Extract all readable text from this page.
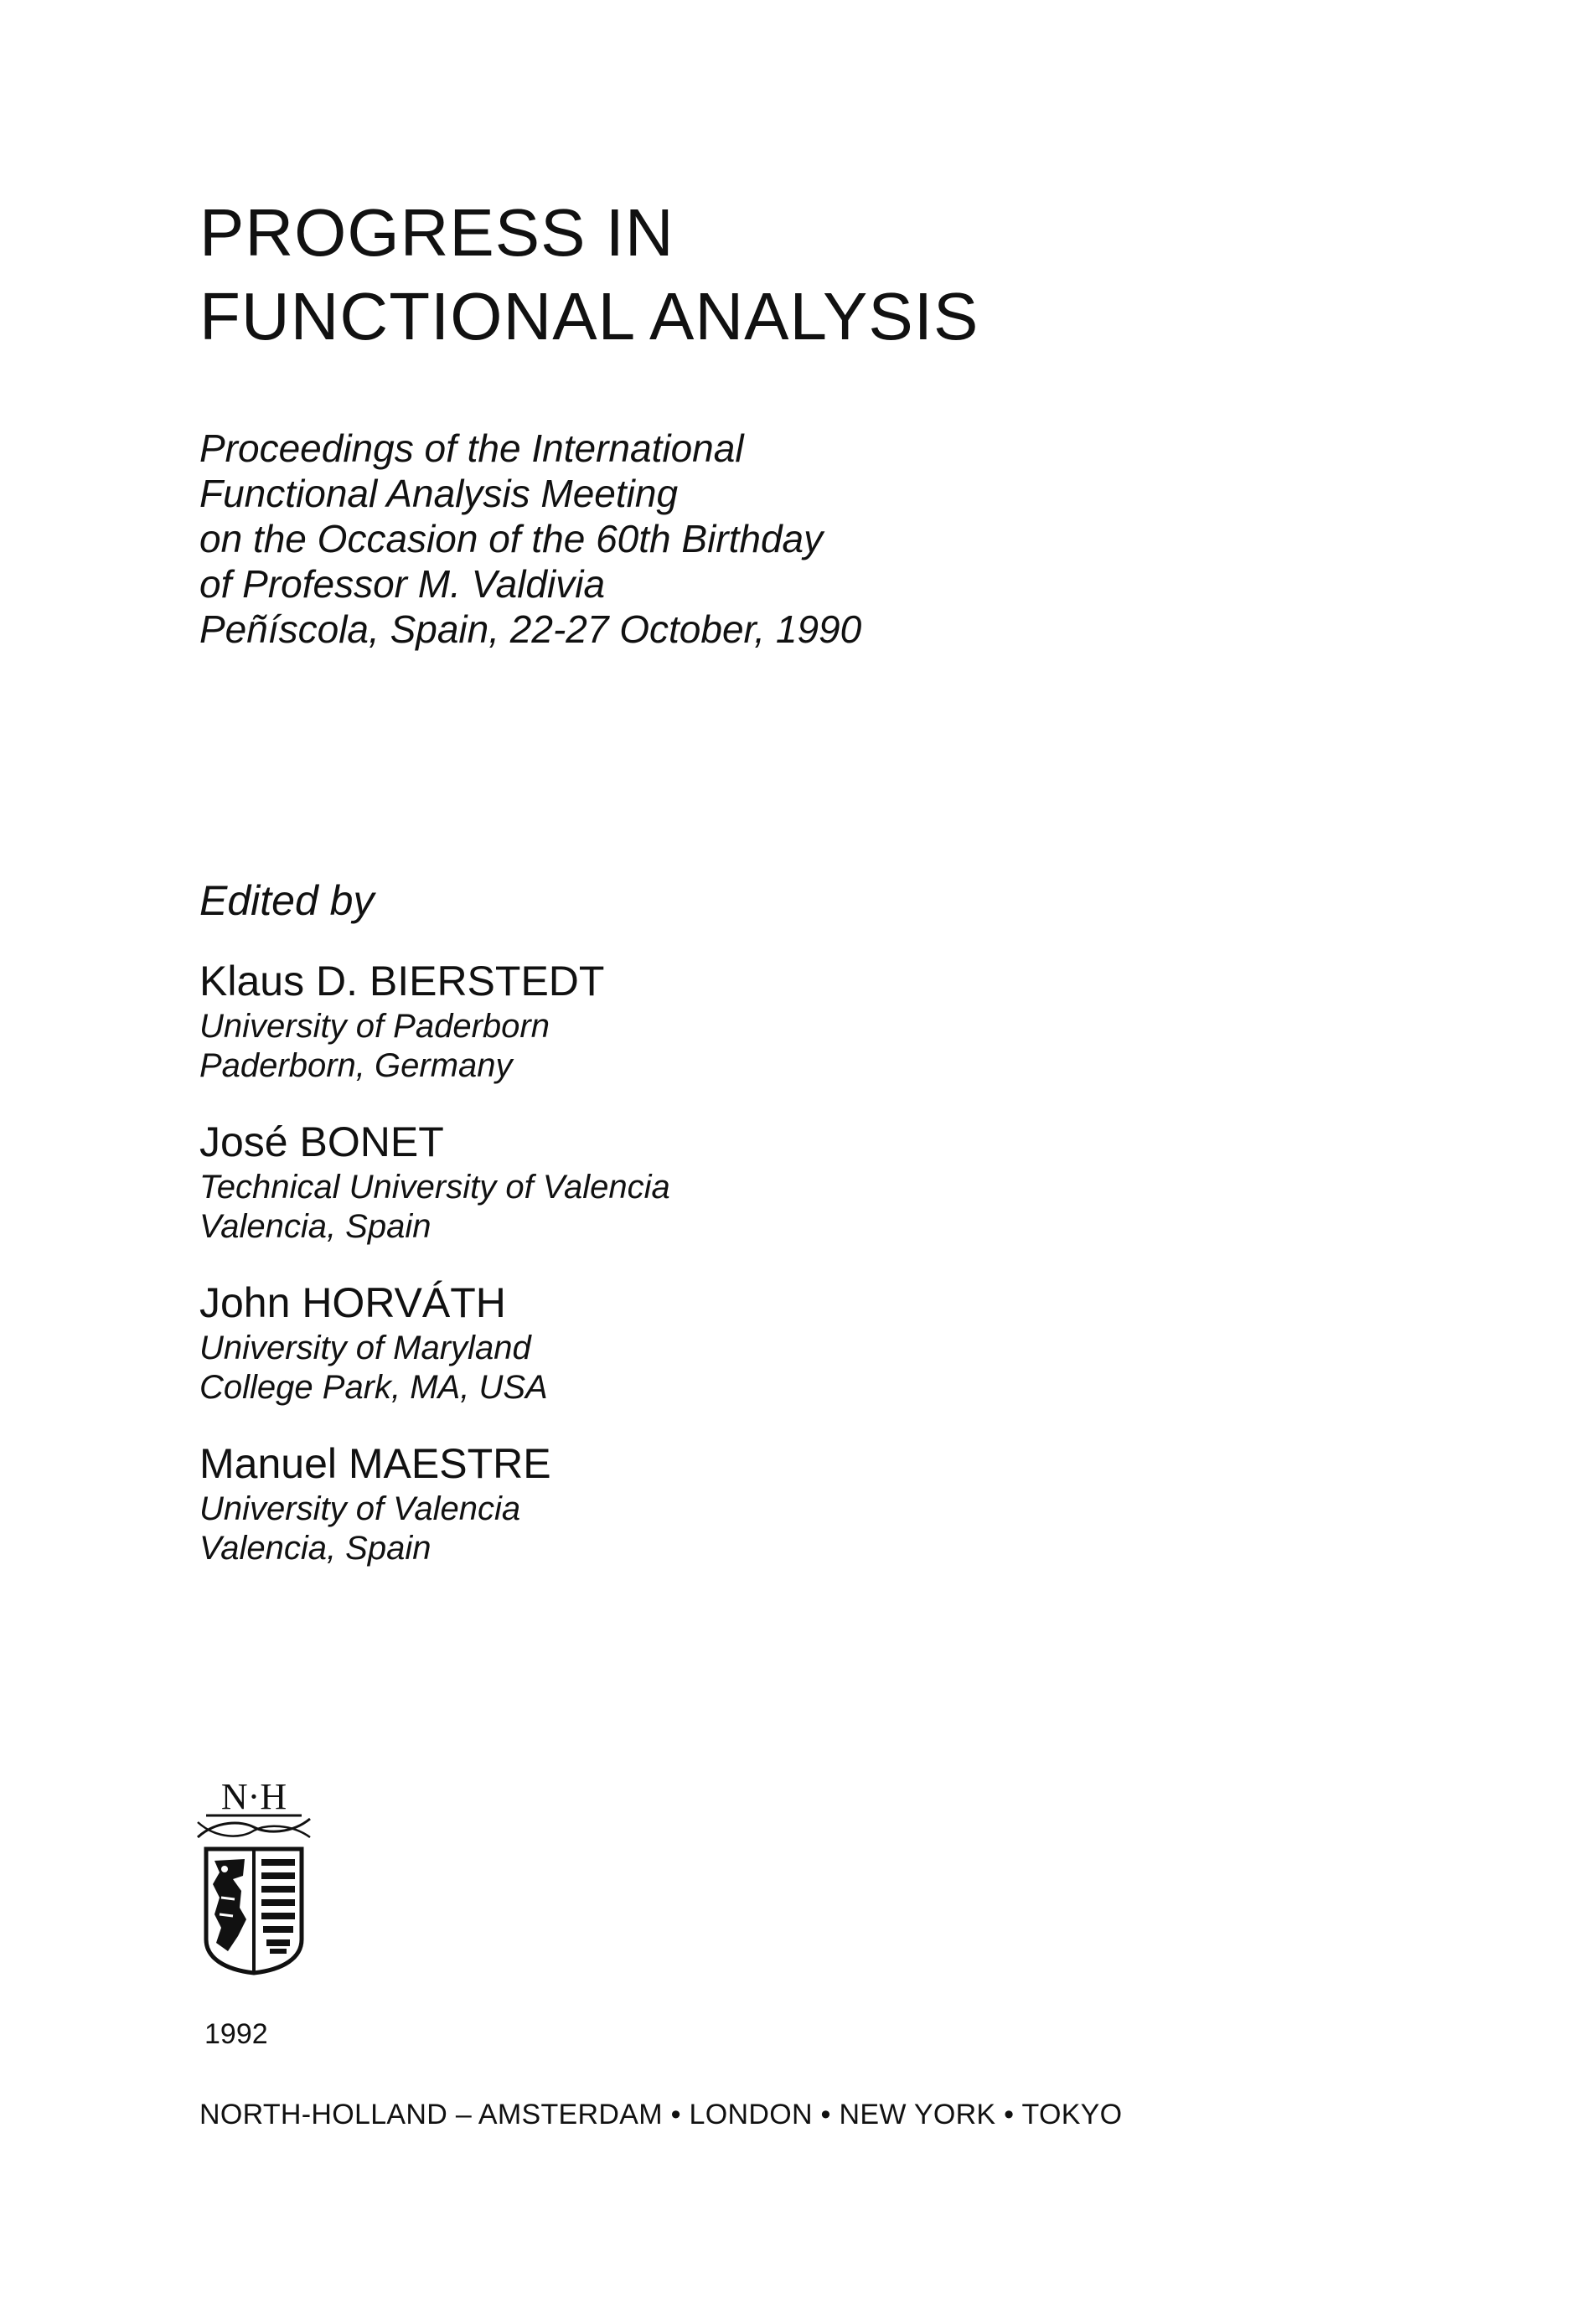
PROGRESS IN
FUNCTIONAL ANALYSIS
Proceedings of the International
Functional Analysis Meeting
on the Occasion of the 60th Birthday
of Professor M. Valdivia
Peñíscola, Spain, 22-27 October, 1990

Edited by

Klaus D. BIERSTEDT
University of Paderborn
Paderborn, Germany
José BONET
Technical University of Valencia
Valencia, Spain
John HORVÁTH
University of Maryland
College Park, MA, USA
Manuel MAESTRE
University of Valencia
Valencia, Spain
N·H

1992

NORTH-HOLLAND – AMSTERDAM • LONDON • NEW YORK • TOKYO
